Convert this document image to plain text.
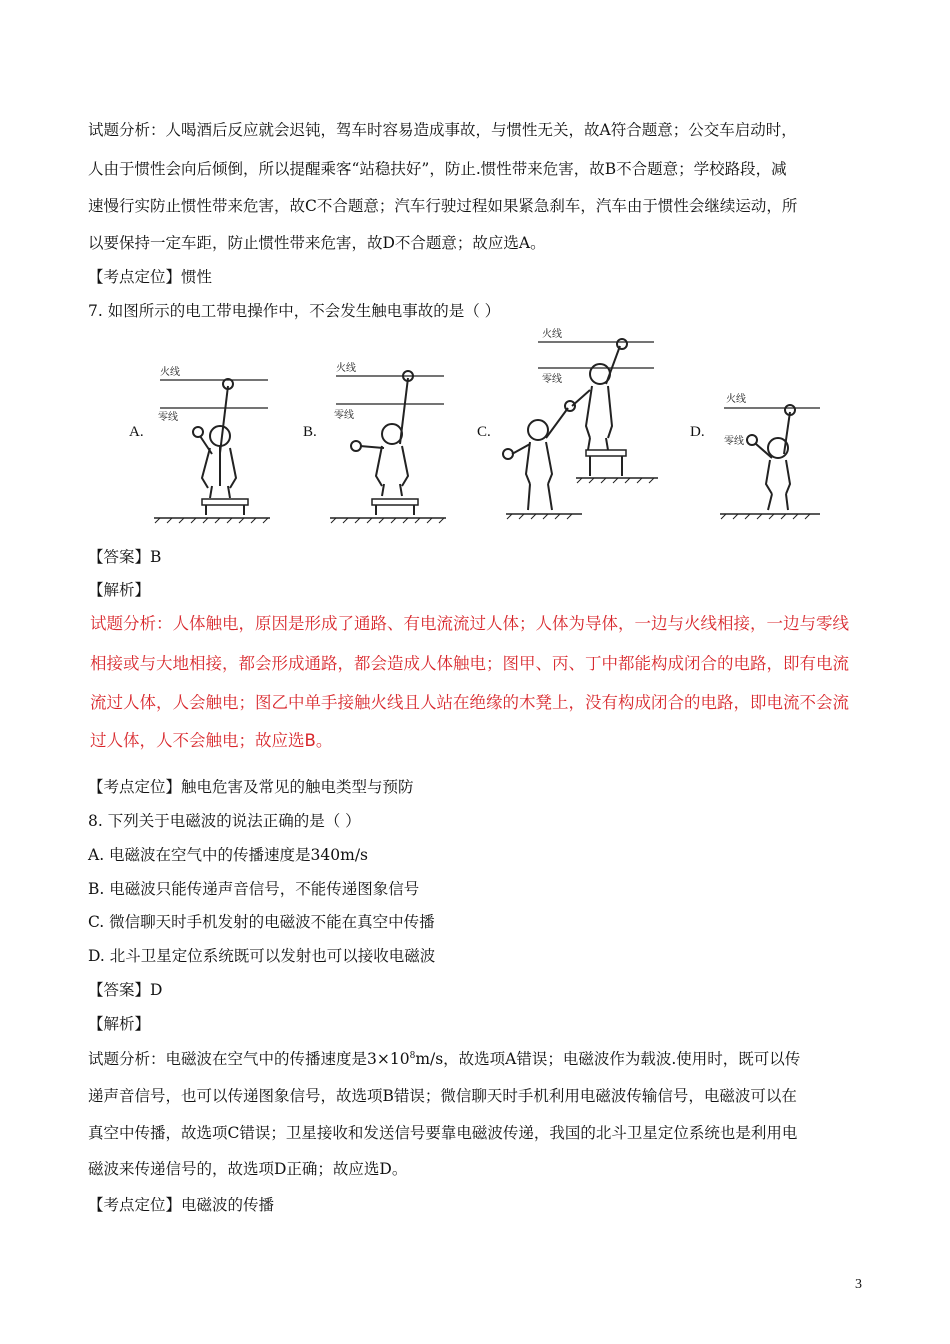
试题分析：人喝酒后反应就会迟钝，驾车时容易造成事故，与惯性无关，故A符合题意；公交车启动时，
人由于惯性会向后倾倒，所以提醒乘客“站稳扶好”，防止.惯性带来危害，故B不合题意；学校路段，减
速慢行实防止惯性带来危害，故C不合题意；汽车行驶过程如果紧急刹车，汽车由于惯性会继续运动，所
以要保持一定车距，防止惯性带来危害，故D不合题意；故应选A。
【考点定位】惯性
7. 如图所示的电工带电操作中，不会发生触电事故的是（ ）
A.	B.	C.	D.
火线
零线
火线
零线
火线
零线
火线
零线
【答案】B
【解析】
试题分析：人体触电，原因是形成了通路、有电流流过人体；人体为导体，一边与火线相接，一边与零线
相接或与大地相接，都会形成通路，都会造成人体触电；图甲、丙、丁中都能构成闭合的电路，即有电流
流过人体，人会触电；图乙中单手接触火线且人站在绝缘的木凳上，没有构成闭合的电路，即电流不会流
过人体，人不会触电；故应选B。
【考点定位】触电危害及常见的触电类型与预防
8. 下列关于电磁波的说法正确的是（ ）
A. 电磁波在空气中的传播速度是340m/s
B. 电磁波只能传递声音信号，不能传递图象信号
C. 微信聊天时手机发射的电磁波不能在真空中传播
D. 北斗卫星定位系统既可以发射也可以接收电磁波
【答案】D
【解析】
试题分析：电磁波在空气中的传播速度是$3\times 10^8m/s$，故选项A错误；电磁波作为载波.使用时，既可以传
递声音信号，也可以传递图象信号，故选项B错误；微信聊天时手机利用电磁波传输信号，电磁波可以在
真空中传播，故选项C错误；卫星接收和发送信号要靠电磁波传递，我国的北斗卫星定位系统也是利用电
磁波来传递信号的，故选项D正确；故应选D。
【考点定位】电磁波的传播
3
